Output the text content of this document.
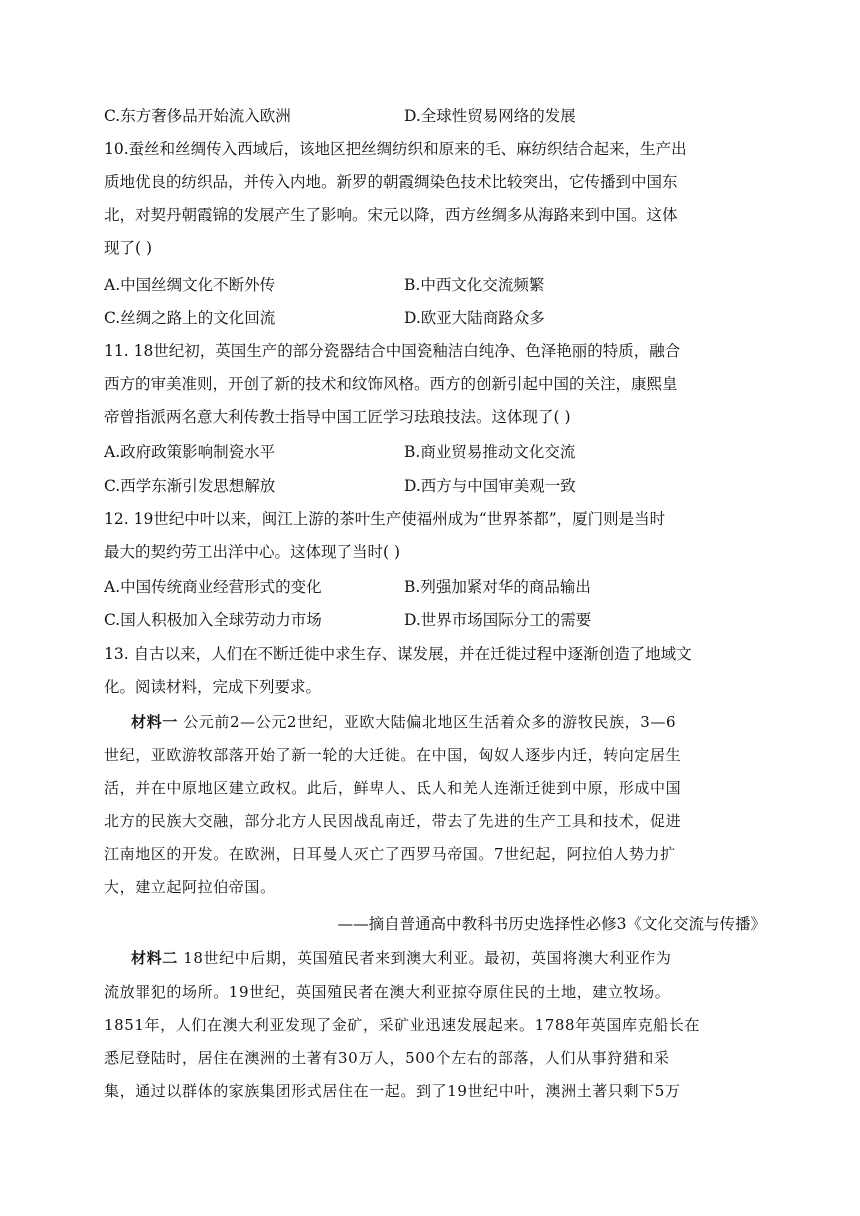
C.东方奢侈品开始流入欧洲	D.全球性贸易网络的发展
10.蚕丝和丝绸传入西域后，该地区把丝绸纺织和原来的毛、麻纺织结合起来，生产出
质地优良的纺织品，并传入内地。新罗的朝霞绸染色技术比较突出，它传播到中国东
北，对契丹朝霞锦的发展产生了影响。宋元以降，西方丝绸多从海路来到中国。这体
现了( )
A.中国丝绸文化不断外传	B.中西文化交流频繁
C.丝绸之路上的文化回流	D.欧亚大陆商路众多
11. 18世纪初，英国生产的部分瓷器结合中国瓷釉洁白纯净、色泽艳丽的特质，融合
西方的审美准则，开创了新的技术和纹饰风格。西方的创新引起中国的关注，康熙皇
帝曾指派两名意大利传教士指导中国工匠学习珐琅技法。这体现了( )
A.政府政策影响制瓷水平	B.商业贸易推动文化交流
C.西学东渐引发思想解放	D.西方与中国审美观一致
12. 19世纪中叶以来，闽江上游的茶叶生产使福州成为“世界茶都”，厦门则是当时
最大的契约劳工出洋中心。这体现了当时( )
A.中国传统商业经营形式的变化	B.列强加紧对华的商品输出
C.国人积极加入全球劳动力市场	D.世界市场国际分工的需要
13. 自古以来，人们在不断迁徙中求生存、谋发展，并在迁徙过程中逐渐创造了地域文
化。阅读材料，完成下列要求。
材料一 公元前2—公元2世纪，亚欧大陆偏北地区生活着众多的游牧民族，3—6
世纪，亚欧游牧部落开始了新一轮的大迁徙。在中国，匈奴人逐步内迁，转向定居生
活，并在中原地区建立政权。此后，鲜卑人、氐人和羌人连渐迁徙到中原，形成中国
北方的民族大交融，部分北方人民因战乱南迁，带去了先进的生产工具和技术，促进
江南地区的开发。在欧洲，日耳曼人灭亡了西罗马帝国。7世纪起，阿拉伯人势力扩
大，建立起阿拉伯帝国。
——摘自普通高中教科书历史选择性必修3《文化交流与传播》
材料二 18世纪中后期，英国殖民者来到澳大利亚。最初，英国将澳大利亚作为
流放罪犯的场所。19世纪，英国殖民者在澳大利亚掠夺原住民的土地，建立牧场。
1851年，人们在澳大利亚发现了金矿，采矿业迅速发展起来。1788年英国库克船长在
悉尼登陆时，居住在澳洲的土著有30万人，500个左右的部落，人们从事狩猎和采
集，通过以群体的家族集团形式居住在一起。到了19世纪中叶，澳洲土著只剩下5万
